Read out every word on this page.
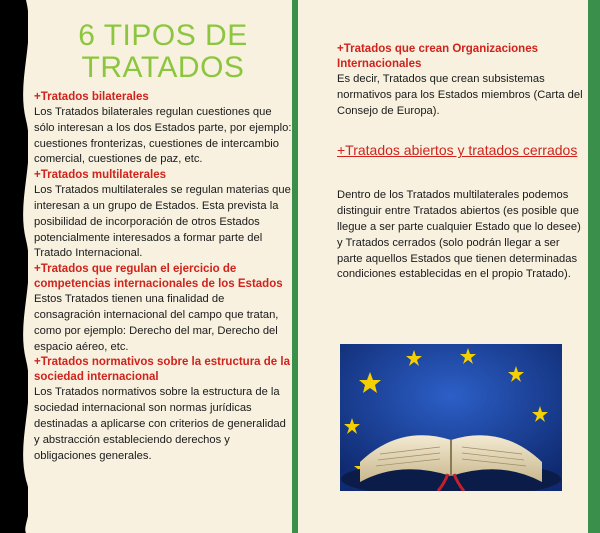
6 TIPOS DE
TRATADOS
+Tratados bilaterales
Los Tratados bilaterales regulan cuestiones que sólo interesan a los dos Estados parte, por ejemplo: cuestiones fronterizas, cuestiones de intercambio comercial, cuestiones de paz, etc.
+Tratados multilaterales
Los Tratados multilaterales se regulan materias que interesan a un grupo de Estados. Esta prevista la posibilidad de incorporación de otros Estados potencialmente interesados a formar parte del Tratado Internacional.
+Tratados que regulan el ejercicio de competencias internacionales de los Estados
Estos Tratados tienen una finalidad de consagración internacional del campo que tratan, como por ejemplo: Derecho del mar, Derecho del espacio aéreo, etc.
+Tratados normativos sobre la estructura de la sociedad internacional
Los Tratados normativos sobre la estructura de la sociedad internacional son normas jurídicas destinadas a aplicarse con criterios de generalidad y abstracción estableciendo derechos y obligaciones generales.
+Tratados que crean Organizaciones Internacionales
Es decir, Tratados que crean subsistemas normativos para los Estados miembros (Carta del Consejo de Europa).
+Tratados abiertos y tratados cerrados
Dentro de los Tratados multilaterales podemos distinguir entre Tratados abiertos (es posible que llegue a ser parte cualquier Estado que lo desee) y Tratados cerrados (solo podrán llegar a ser parte aquellos Estados que tienen determinadas condiciones establecidas en el propio Tratado).
